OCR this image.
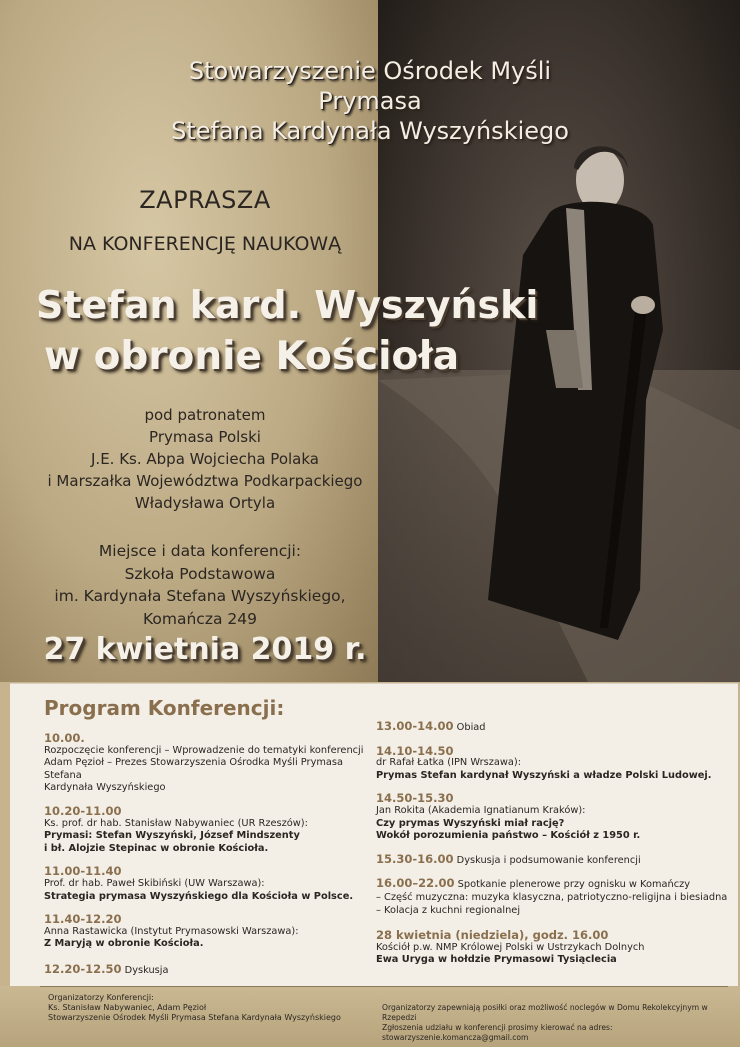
Stowarzyszenie Ośrodek Myśli
Prymasa
Stefana Kardynała Wyszyńskiego
ZAPRASZA
NA KONFERENCJĘ NAUKOWĄ
Stefan kard. Wyszyński
w obronie Kościoła
pod patronatem
Prymasa Polski
J.E. Ks. Abpa Wojciecha Polaka
i Marszałka Województwa Podkarpackiego
Władysława Ortyla
Miejsce i data konferencji:
Szkoła Podstawowa
im. Kardynała Stefana Wyszyńskiego,
Komańcza 249
27 kwietnia 2019 r.
Program Konferencji:
10.00.
Rozpoczęcie konferencji – Wprowadzenie do tematyki konferencji
Adam Pęzioł – Prezes Stowarzyszenia Ośrodka Myśli Prymasa Stefana
Kardynała Wyszyńskiego
10.20-11.00
Ks. prof. dr hab. Stanisław Nabywaniec (UR Rzeszów):
Prymasi: Stefan Wyszyński, József Mindszenty
i bł. Alojzie Stepinac w obronie Kościoła.
11.00-11.40
Prof. dr hab. Paweł Skibiński (UW Warszawa):
Strategia prymasa Wyszyńskiego dla Kościoła w Polsce.
11.40-12.20
Anna Rastawicka (Instytut Prymasowski Warszawa):
Z Maryją w obronie Kościoła.
12.20-12.50 Dyskusja
13.00-14.00 Obiad
14.10-14.50
dr Rafał Łatka (IPN Wrszawa):
Prymas Stefan kardynał Wyszyński a władze Polski Ludowej.
14.50-15.30
Jan Rokita (Akademia Ignatianum Kraków):
Czy prymas Wyszyński miał rację?
Wokół porozumienia państwo – Kościół z 1950 r.
15.30-16.00 Dyskusja i podsumowanie konferencji
16.00–22.00 Spotkanie plenerowe przy ognisku w Komańczy
– Część muzyczna: muzyka klasyczna, patriotyczno-religijna i biesiadna
– Kolacja z kuchni regionalnej
28 kwietnia (niedziela), godz. 16.00
Kościół p.w. NMP Królowej Polski w Ustrzykach Dolnych
Ewa Uryga w hołdzie Prymasowi Tysiąclecia
Organizatorzy Konferencji:
Ks. Stanisław Nabywaniec, Adam Pęzioł
Stowarzyszenie Ośrodek Myśli Prymasa Stefana Kardynała Wyszyńskiego
Organizatorzy zapewniają posiłki oraz możliwość noclegów w Domu Rekolekcyjnym w Rzepedzi
Zgłoszenia udziału w konferencji prosimy kierować na adres: stowarzyszenie.komancza@gmail.com
